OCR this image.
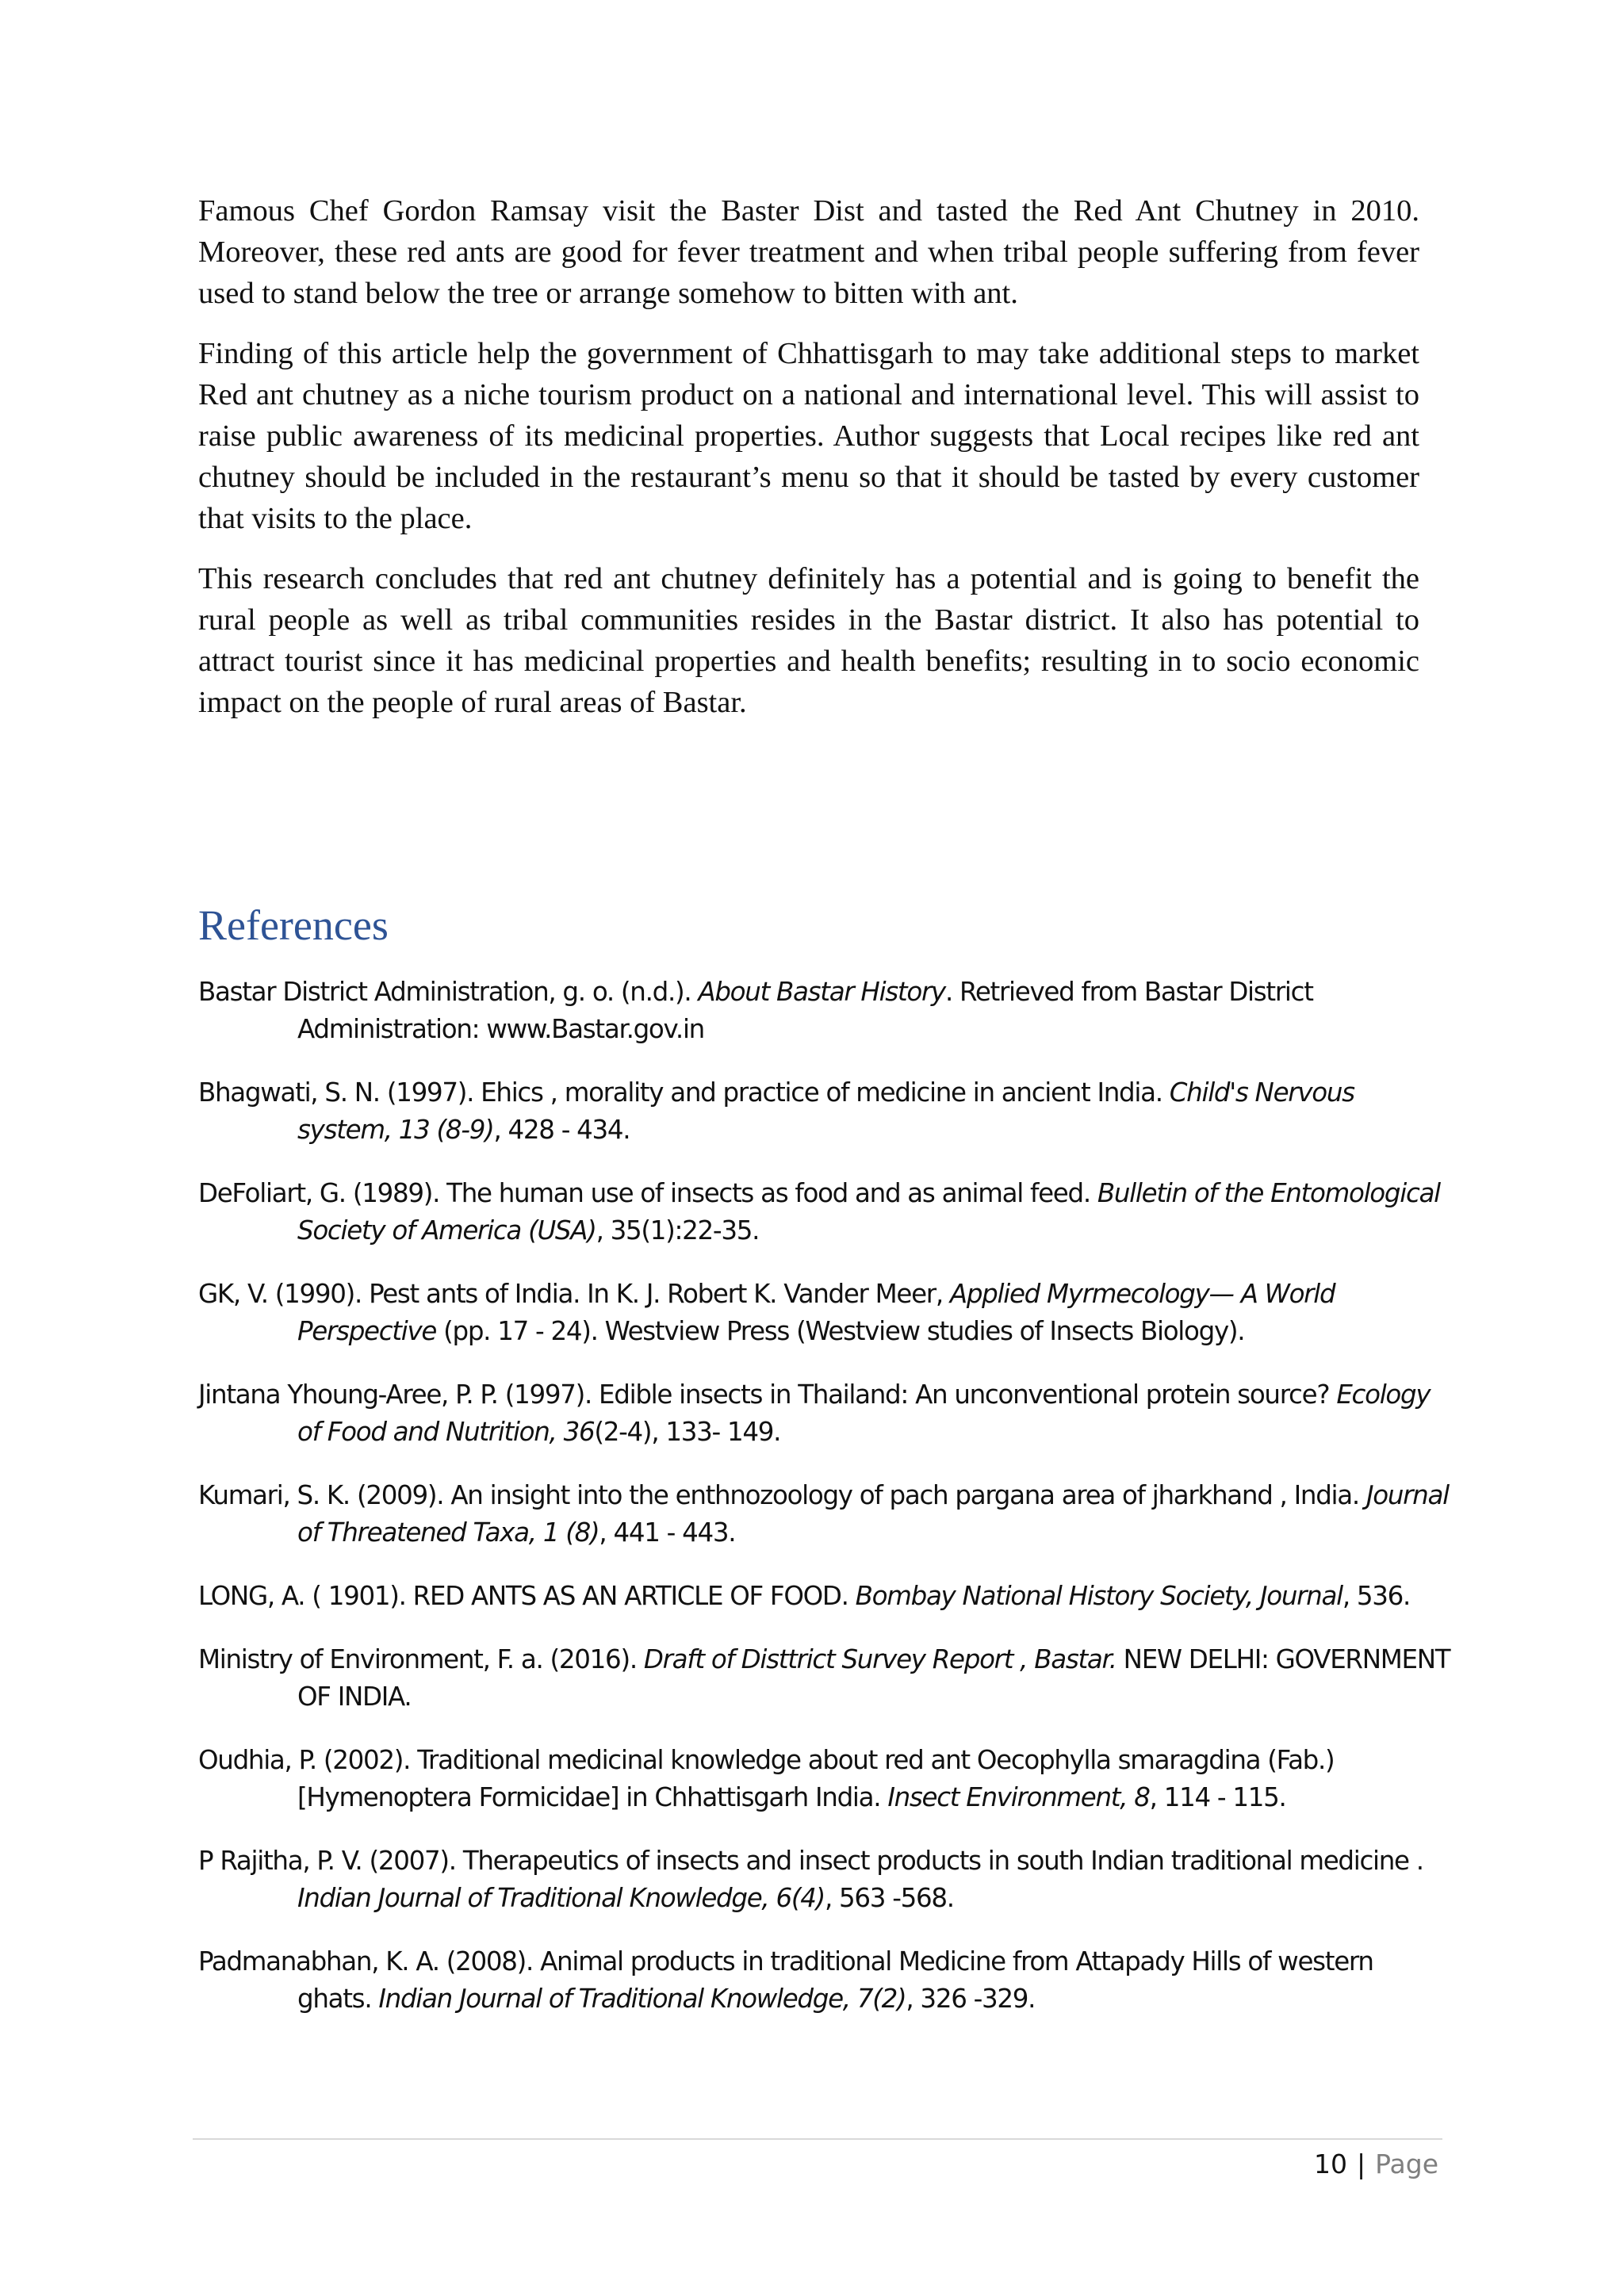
Famous Chef Gordon Ramsay visit the Baster Dist and tasted the Red Ant Chutney in 2010. Moreover, these red ants are good for fever treatment and when tribal people suffering from fever used to stand below the tree or arrange somehow to bitten with ant.

Finding of this article help the government of Chhattisgarh to may take additional steps to market Red ant chutney as a niche tourism product on a national and international level. This will assist to raise public awareness of its medicinal properties. Author suggests that Local recipes like red ant chutney should be included in the restaurant’s menu so that it should be tasted by every customer that visits to the place.

This research concludes that red ant chutney definitely has a potential and is going to benefit the rural people as well as tribal communities resides in the Bastar district. It also has potential to attract tourist since it has medicinal properties and health benefits; resulting in to socio economic impact on the people of rural areas of Bastar.

References

Bastar District Administration, g. o. (n.d.). About Bastar History. Retrieved from Bastar District Administration: www.Bastar.gov.in

Bhagwati, S. N. (1997). Ehics , morality and practice of medicine in ancient India. Child's Nervous system, 13 (8-9), 428 - 434.

DeFoliart, G. (1989). The human use of insects as food and as animal feed. Bulletin of the Entomological Society of America (USA), 35(1):22-35.

GK, V. (1990). Pest ants of India. In K. J. Robert K. Vander Meer, Applied Myrmecology— A World Perspective (pp. 17 - 24). Westview Press (Westview studies of Insects Biology).

Jintana Yhoung-Aree, P. P. (1997). Edible insects in Thailand: An unconventional protein source? Ecology of Food and Nutrition, 36(2-4), 133- 149.

Kumari, S. K. (2009). An insight into the enthnozoology of pach pargana area of jharkhand , India. Journal of Threatened Taxa, 1 (8), 441 - 443.

LONG, A. ( 1901). RED ANTS AS AN ARTICLE OF FOOD. Bombay National History Society, Journal, 536.

Ministry of Environment, F. a. (2016). Draft of Disttrict Survey Report , Bastar. NEW DELHI: GOVERNMENT OF INDIA.

Oudhia, P. (2002). Traditional medicinal knowledge about red ant Oecophylla smaragdina (Fab.) [Hymenoptera Formicidae] in Chhattisgarh India. Insect Environment, 8, 114 - 115.

P Rajitha, P. V. (2007). Therapeutics of insects and insect products in south Indian traditional medicine . Indian Journal of Traditional Knowledge, 6(4), 563 -568.

Padmanabhan, K. A. (2008). Animal products in traditional Medicine from Attapady Hills of western ghats. Indian Journal of Traditional Knowledge, 7(2), 326 -329.

10 | Page
